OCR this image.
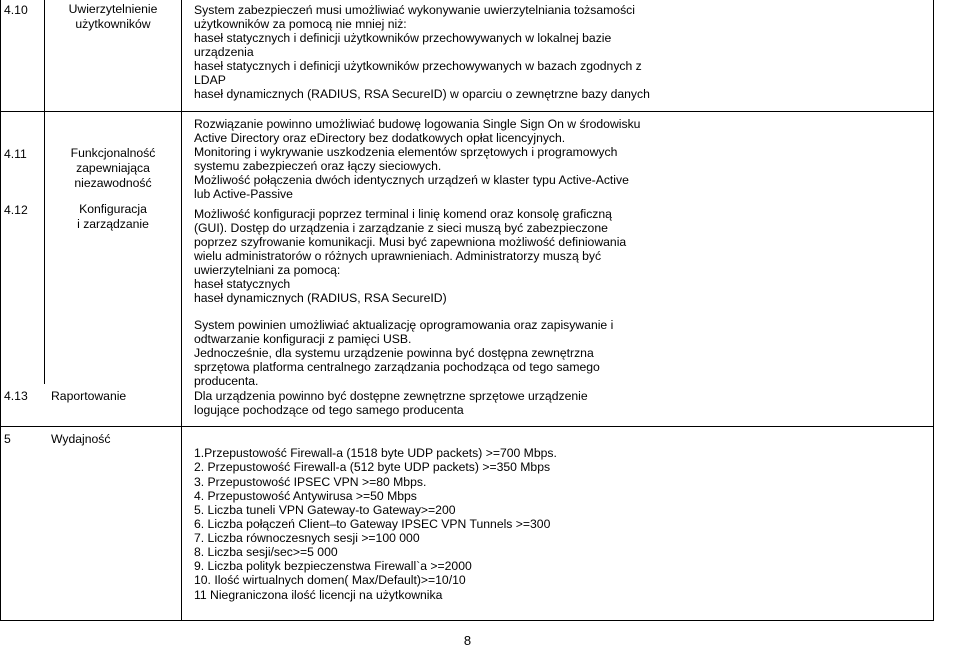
4.10
4.11
4.12
4.13
5
Uwierzytelnienie
użytkowników
Funkcjonalność
zapewniająca
niezawodność
Konfiguracja
i zarządzanie
Raportowanie
Wydajność
System zabezpieczeń musi umożliwiać wykonywanie uwierzytelniania tożsamości
użytkowników za pomocą nie mniej niż:
haseł statycznych i definicji użytkowników przechowywanych w lokalnej bazie
urządzenia
haseł statycznych i definicji użytkowników przechowywanych w bazach zgodnych z
LDAP
haseł dynamicznych (RADIUS, RSA SecureID) w oparciu o zewnętrzne bazy danych
Rozwiązanie powinno umożliwiać budowę logowania Single Sign On w środowisku
Active Directory oraz eDirectory bez dodatkowych opłat licencyjnych.
Monitoring i wykrywanie uszkodzenia elementów sprzętowych i programowych
systemu zabezpieczeń oraz łączy sieciowych.
Możliwość połączenia dwóch identycznych urządzeń w klaster typu Active-Active
lub Active-Passive
Możliwość konfiguracji poprzez terminal i linię komend oraz konsolę graficzną
(GUI). Dostęp do urządzenia i zarządzanie z sieci muszą być zabezpieczone
poprzez szyfrowanie komunikacji. Musi być zapewniona możliwość definiowania
wielu administratorów o różnych uprawnieniach. Administratorzy muszą być
uwierzytelniani za pomocą:
haseł statycznych
haseł dynamicznych (RADIUS, RSA SecureID)
System powinien umożliwiać aktualizację oprogramowania oraz zapisywanie i
odtwarzanie konfiguracji z pamięci USB.
Jednocześnie, dla systemu urządzenie powinna być dostępna zewnętrzna
sprzętowa platforma centralnego zarządzania pochodząca od tego samego
producenta.
Dla urządzenia powinno być dostępne zewnętrzne sprzętowe urządzenie
logujące pochodzące od tego samego producenta
1.Przepustowość Firewall-a (1518 byte UDP packets) >=700 Mbps.
2. Przepustowość Firewall-a (512 byte UDP packets) >=350 Mbps
3. Przepustowość IPSEC VPN >=80 Mbps.
4. Przepustowość Antywirusa >=50 Mbps
5. Liczba tuneli VPN Gateway-to Gateway>=200
6. Liczba połączeń Client–to Gateway IPSEC VPN Tunnels >=300
7. Liczba równoczesnych sesji >=100 000
8. Liczba sesji/sec>=5 000
9. Liczba polityk bezpieczenstwa Firewall`a >=2000
10. Ilość wirtualnych domen( Max/Default)>=10/10
11 Niegraniczona ilość licencji na użytkownika
8
